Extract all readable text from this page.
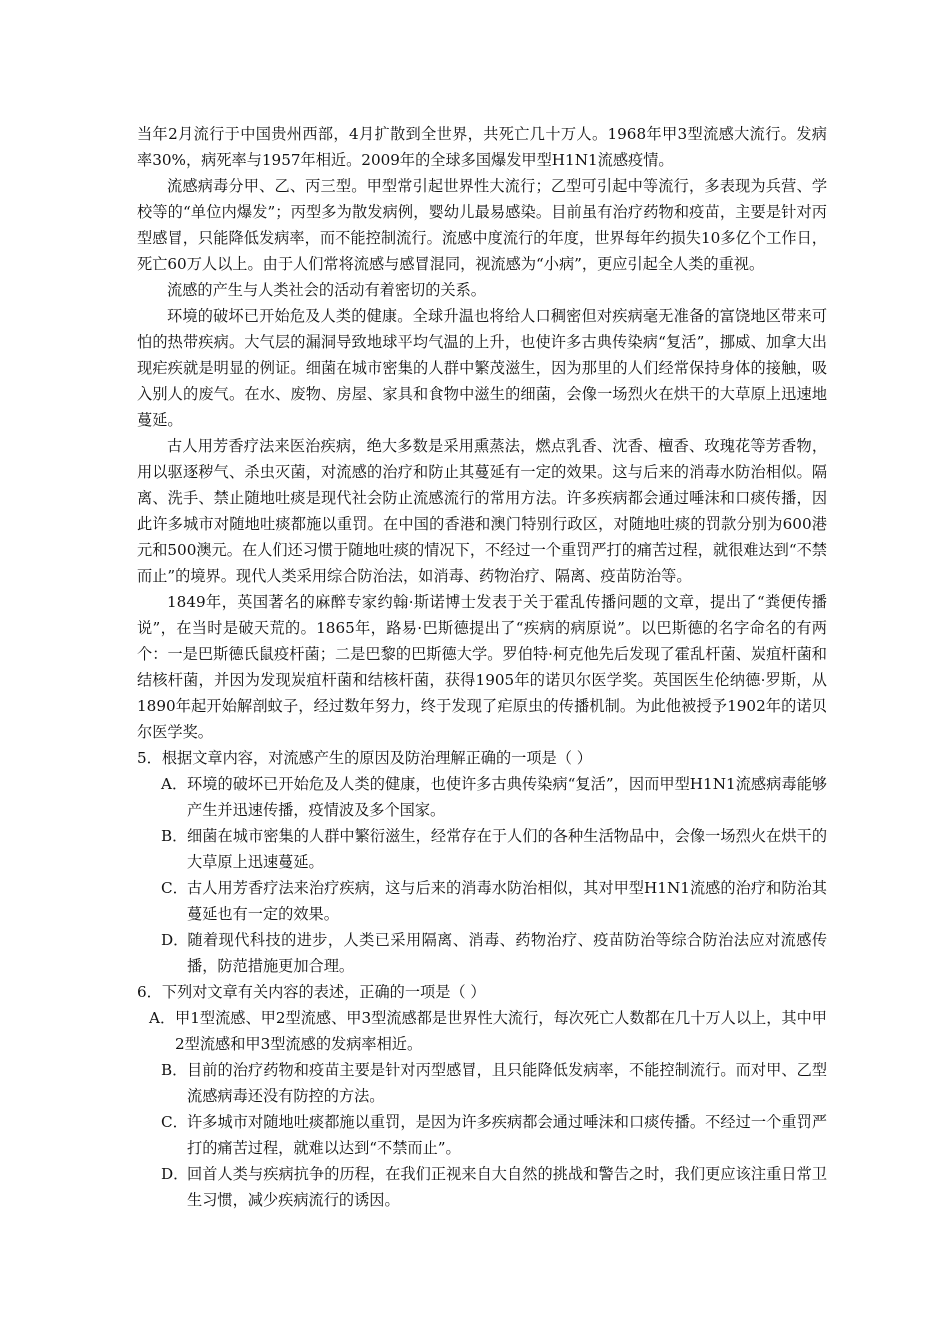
当年2月流行于中国贵州西部，4月扩散到全世界，共死亡几十万人。1968年甲3型流感大流行。发病率30%，病死率与1957年相近。2009年的全球多国爆发甲型H1N1流感疫情。

流感病毒分甲、乙、丙三型。甲型常引起世界性大流行；乙型可引起中等流行，多表现为兵营、学校等的“单位内爆发”；丙型多为散发病例，婴幼儿最易感染。目前虽有治疗药物和疫苗，主要是针对丙型感冒，只能降低发病率，而不能控制流行。流感中度流行的年度，世界每年约损失10多亿个工作日，死亡60万人以上。由于人们常将流感与感冒混同，视流感为“小病”，更应引起全人类的重视。

流感的产生与人类社会的活动有着密切的关系。

环境的破坏已开始危及人类的健康。全球升温也将给人口稠密但对疾病毫无准备的富饶地区带来可怕的热带疾病。大气层的漏洞导致地球平均气温的上升，也使许多古典传染病“复活”，挪威、加拿大出现疟疾就是明显的例证。细菌在城市密集的人群中繁茂滋生，因为那里的人们经常保持身体的接触，吸入别人的废气。在水、废物、房屋、家具和食物中滋生的细菌，会像一场烈火在烘干的大草原上迅速地蔓延。

古人用芳香疗法来医治疾病，绝大多数是采用熏蒸法，燃点乳香、沈香、檀香、玫瑰花等芳香物，用以驱逐秽气、杀虫灭菌，对流感的治疗和防止其蔓延有一定的效果。这与后来的消毒水防治相似。隔离、洗手、禁止随地吐痰是现代社会防止流感流行的常用方法。许多疾病都会通过唾沫和口痰传播，因此许多城市对随地吐痰都施以重罚。在中国的香港和澳门特别行政区，对随地吐痰的罚款分别为600港元和500澳元。在人们还习惯于随地吐痰的情况下，不经过一个重罚严打的痛苦过程，就很难达到“不禁而止”的境界。现代人类采用综合防治法，如消毒、药物治疗、隔离、疫苗防治等。

1849年，英国著名的麻醉专家约翰·斯诺博士发表于关于霍乱传播问题的文章，提出了“粪便传播说”，在当时是破天荒的。1865年，路易·巴斯德提出了“疾病的病原说”。以巴斯德的名字命名的有两个：一是巴斯德氏鼠疫杆菌；二是巴黎的巴斯德大学。罗伯特·柯克他先后发现了霍乱杆菌、炭疽杆菌和结核杆菌，并因为发现炭疽杆菌和结核杆菌，获得1905年的诺贝尔医学奖。英国医生伦纳德·罗斯，从1890年起开始解剖蚊子，经过数年努力，终于发现了疟原虫的传播机制。为此他被授予1902年的诺贝尔医学奖。

5．根据文章内容，对流感产生的原因及防治理解正确的一项是（ ）

A．环境的破坏已开始危及人类的健康，也使许多古典传染病“复活”，因而甲型H1N1流感病毒能够产生并迅速传播，疫情波及多个国家。

B．细菌在城市密集的人群中繁衍滋生，经常存在于人们的各种生活物品中，会像一场烈火在烘干的大草原上迅速蔓延。

C．古人用芳香疗法来治疗疾病，这与后来的消毒水防治相似，其对甲型H1N1流感的治疗和防治其蔓延也有一定的效果。

D．随着现代科技的进步，人类已采用隔离、消毒、药物治疗、疫苗防治等综合防治法应对流感传播，防范措施更加合理。

6．下列对文章有关内容的表述，正确的一项是（ ）

A．甲1型流感、甲2型流感、甲3型流感都是世界性大流行，每次死亡人数都在几十万人以上，其中甲2型流感和甲3型流感的发病率相近。

B．目前的治疗药物和疫苗主要是针对丙型感冒，且只能降低发病率，不能控制流行。而对甲、乙型流感病毒还没有防控的方法。

C．许多城市对随地吐痰都施以重罚，是因为许多疾病都会通过唾沫和口痰传播。不经过一个重罚严打的痛苦过程，就难以达到“不禁而止”。

D．回首人类与疾病抗争的历程，在我们正视来自大自然的挑战和警告之时，我们更应该注重日常卫生习惯，减少疾病流行的诱因。
